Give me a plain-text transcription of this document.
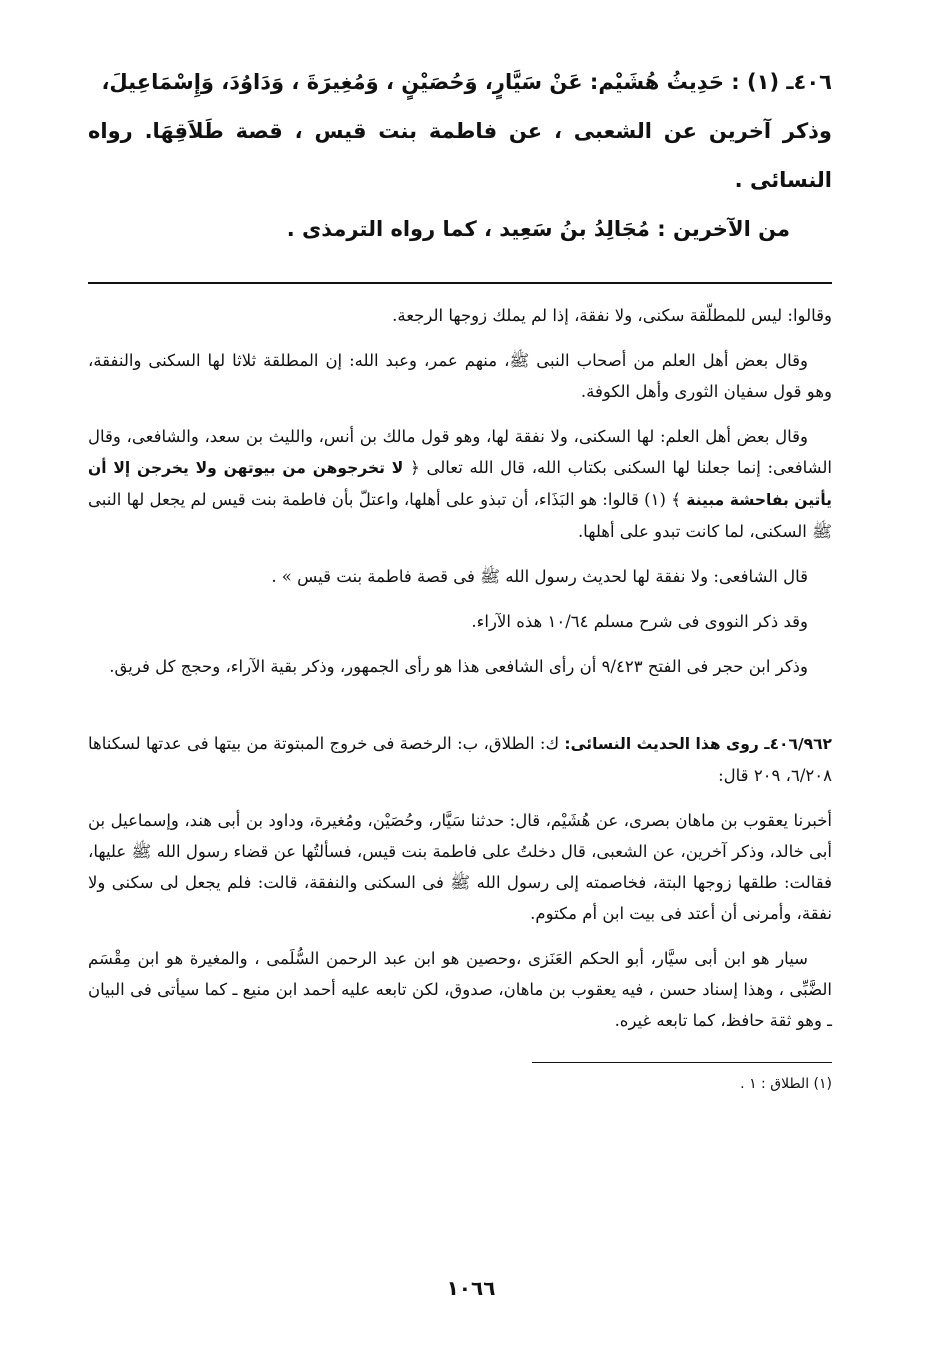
٤٠٦ـ (١) : حَدِيثُ هُشَيْم: عَنْ سَيَّارٍ، وَحُصَيْنٍ ، وَمُغِيرَةَ ، وَدَاوُدَ، وَإِسْمَاعِيلَ،
وذكر آخرين عن الشعبى ، عن فاطمة بنت قيس ، قصة طَلاَقِهَا. رواه النسائى .
من الآخرين : مُجَالِدُ بنُ سَعِيد ، كما رواه الترمذى .

وقالوا: ليس للمطلّقة سكنى، ولا نفقة، إذا لم يملك زوجها الرجعة.

وقال بعض أهل العلم من أصحاب النبى ﷺ، منهم عمر، وعبد الله: إن المطلقة ثلاثا لها السكنى والنفقة، وهو قول سفيان الثورى وأهل الكوفة.

وقال بعض أهل العلم: لها السكنى، ولا نفقة لها، وهو قول مالك بن أنس، والليث بن سعد، والشافعى، وقال الشافعى: إنما جعلنا لها السكنى بكتاب الله، قال الله تعالى ﴿ لا تخرجوهن من بيوتهن ولا يخرجن إلا أن يأتين بفاحشة مبينة ﴾ (١) قالوا: هو البَذَاء، أن تبذو على أهلها، واعتلّ بأن فاطمة بنت قيس لم يجعل لها النبى ﷺ السكنى، لما كانت تبدو على أهلها.

قال الشافعى: ولا نفقة لها لحديث رسول الله ﷺ فى قصة فاطمة بنت قيس » .

وقد ذكر النووى فى شرح مسلم ١٠/٦٤ هذه الآراء.

وذكر ابن حجر فى الفتح ٩/٤٢٣ أن رأى الشافعى هذا هو رأى الجمهور، وذكر بقية الآراء، وحجج كل فريق.

٤٠٦/٩٦٢ـ روى هذا الحديث النسائى: ك: الطلاق، ب: الرخصة فى خروج المبتوتة من بيتها فى عدتها لسكناها ٦/٢٠٨، ٢٠٩ قال:

أخبرنا يعقوب بن ماهان بصرى، عن هُشَيْم، قال: حدثنا سَيَّار، وحُصَيْن، ومُغيرة، وداود بن أبى هند، وإسماعيل بن أبى خالد، وذكر آخرين، عن الشعبى، قال دخلتُ على فاطمة بنت قيس، فسألتُها عن قضاء رسول الله ﷺ عليها، فقالت: طلقها زوجها البتة، فخاصمته إلى رسول الله ﷺ فى السكنى والنفقة، قالت: فلم يجعل لى سكنى ولا نفقة، وأمرنى أن أعتد فى بيت ابن أم مكتوم.

سيار هو ابن أبى سيَّار، أبو الحكم العَنَزى ،وحصين هو ابن عبد الرحمن السُّلَمى ، والمغيرة هو ابن مِقْسَم الضَّبِّى ، وهذا إسناد حسن ، فيه يعقوب بن ماهان، صدوق، لكن تابعه عليه أحمد ابن منيع ـ كما سيأتى فى البيان ـ وهو ثقة حافظ، كما تابعه غيره.

(١) الطلاق : ١ .

١٠٦٦
